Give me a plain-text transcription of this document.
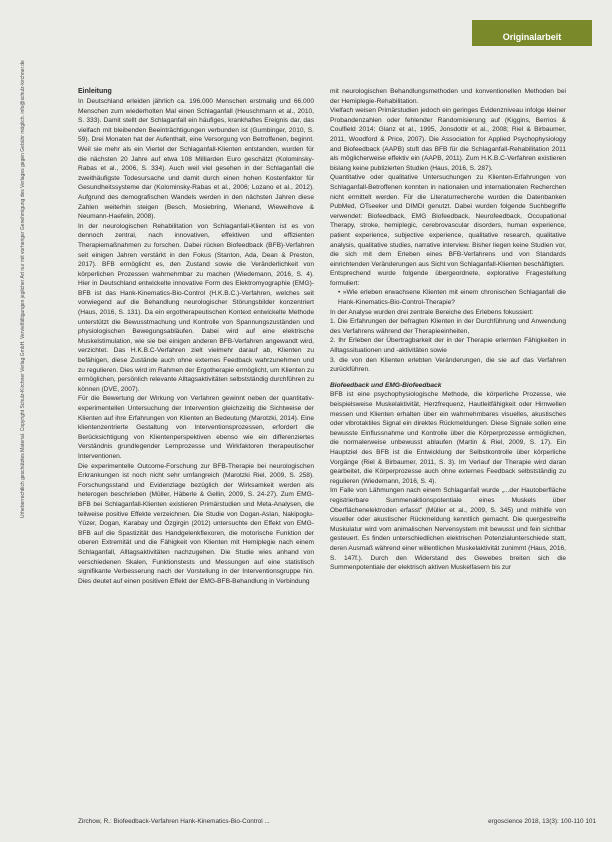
Urheberrechtlich geschütztes Material. Copyright Schulz-Kirchner Verlag GmbH. Vervielfältigungen jeglicher Art nur mit vorheriger Genehmigung des Verlages gegen Gebühr möglich. info@schulz-kirchner.de
Originalarbeit
Einleitung

In Deutschland erleiden jährlich ca. 196.000 Menschen erstmalig und 66.000 Menschen zum wiederholten Mal einen Schlaganfall (Heuschmann et al., 2010, S. 333). Damit stellt der Schlaganfall ein häufiges, krankhaftes Ereignis dar, das vielfach mit bleibenden Beeinträchtigungen verbunden ist (Gumbinger, 2010, S. 59). Drei Monaten hat der Aufenthalt, eine Versorgung von Betroffenen, beginnt. Weil sie mehr als ein Viertel der Schlaganfall-Klienten entstanden, wurden für die nächsten 20 Jahre auf etwa 108 Milliarden Euro geschätzt (Kolominsky-Rabas et al., 2006, S. 334). Auch weil viel gesehen in der Schlaganfall die zweithäufigste Todesursache und damit durch einen hohen Kostenfaktor für Gesundheitssysteme dar (Kolominsky-Rabas et al., 2006; Lozano et al., 2012). Aufgrund des demografischen Wandels werden in den nächsten Jahren diese Zahlen weiterhin steigen (Besch, Mosiebring, Wienand, Wiewelhove & Neumann-Haefelin, 2008).

In der neurologischen Rehabilitation von Schlaganfall-Klienten ist es von dennoch zentral, nach innovativen, effektiven und effizienten Therapiemaßnahmen zu forschen. Dabei rücken Biofeedback (BFB)-Verfahren seit einigen Jahren verstärkt in den Fokus (Stanton, Ada, Dean & Preston, 2017). BFB ermöglicht es, den Zustand sowie die Veränderlichkeit von körperlichen Prozessen wahrnehmbar zu machen (Wiedemann, 2016, S. 4). Hier in Deutschland entwickelte innovative Form des Elektromyographie (EMG)-BFB ist das Hank-Kinematics-Bio-Control (H.K.B.C.)-Verfahren, welches seit vorwiegend auf die Behandlung neurologischer Störungsbilder konzentriert (Haus, 2016, S. 131). Da ein ergotherapeutischen Kontext entwickelte Methode unterstützt die Bewusstmachung und Kontrolle von Spannungszuständen und physiologischen Bewegungsabläufen. Dabei wird auf eine elektrische Muskelstimulation, wie sie bei einigen anderen BFB-Verfahren angewandt wird, verzichtet. Das H.K.B.C-Verfahren zielt vielmehr darauf ab, Klienten zu befähigen, diese Zustände auch ohne externes Feedback wahrzunehmen und zu regulieren. Dies wird im Rahmen der Ergotherapie ermöglicht, um Klienten zu ermöglichen, persönlich relevante Alltagsaktivitäten selbstständig durchführen zu können (DVE, 2007).

Für die Bewertung der Wirkung von Verfahren gewinnt neben der quantitativ-experimentellen Untersuchung der Intervention gleichzeitig die Sichtweise der Klienten auf ihre Erfahrungen von Klienten an Bedeutung (Marotzki, 2014). Eine klientenzentrierte Gestaltung von Interventionsprozessen, erfordert die Berücksichtigung von Klientenperspektiven ebenso wie ein differenziertes Verständnis grundlegender Lernprozesse und Wirkfaktoren therapeutischer Interventionen.

Die experimentelle Outcome-Forschung zur BFB-Therapie bei neurologischen Erkrankungen ist noch nicht sehr umfangreich (Marotzki Riel, 2009, S. 258). Forschungsstand und Evidenzlage bezüglich der Wirksamkeit werden als heterogen beschrieben (Müller, Häberle & Gellin, 2009, S. 24-27). Zum EMG-BFB bei Schlaganfall-Klienten existieren Primärstudien und Meta-Analysen, die teilweise positive Effekte verzeichnen. Die Studie von Dogan-Aslan, Nakipoglu-Yüzer, Dogan, Karabay und Özgirgin (2012) untersuchte den Effekt von EMG-BFB auf die Spastizität des Handgelenkflexoren, die motorische Funktion der oberen Extremität und die Fähigkeit von Klienten mit Hemiplegie nach einem Schlaganfall, Alltagsaktivitäten nachzugehen. Die Studie wies anhand von verschiedenen Skalen, Funktionstests und Messungen auf eine statistisch signifikante Verbesserung nach der Vorstellung in der Interventionsgruppe hin. Dies deutet auf einen positiven Effekt der EMG-BFB-Behandlung in Verbindung

mit neurologischen Behandlungsmethoden und konventionellen Methoden bei der Hemiplegie-Rehabilitation.

Vielfach weisen Primärstudien jedoch ein geringes Evidenzniveau infolge kleiner Probandenzahlen oder fehlender Randomisierung auf (Kiggins, Berrios & Coulfield 2014; Glanz et al., 1995, Jonsdottir et al., 2008; Riel & Birbaumer, 2011, Woodford & Price, 2007). Die Association for Applied Psychophysiology and Biofeedback (AAPB) stuft das BFB für die Schlaganfall-Rehabilitation 2011 als möglicherweise effektiv ein (AAPB, 2011). Zum H.K.B.C-Verfahren existieren bislang keine publizierten Studien (Haus, 2016, S. 287).

Quantitative oder qualitative Untersuchungen zu Klienten-Erfahrungen von Schlaganfall-Betroffenen konnten in nationalen und internationalen Recherchen nicht ermittelt werden. Für die Literaturrecherche wurden die Datenbanken PubMed, OTseeker und DIMDI genutzt. Dabei wurden folgende Suchbegriffe verwendet: Biofeedback, EMG Biofeedback, Neurofeedback, Occupational Therapy, stroke, hemiplegic, cerebrovascular disorders, human experience, patient experience, subjective experience, qualitative research, qualitative analysis, qualitative studies, narrative interview. Bisher liegen keine Studien vor, die sich mit dem Erleben eines BFB-Verfahrens und von Standards einrichtenden Veränderungen aus Sicht von Schlaganfall-Klienten beschäftigten.

Entsprechend wurde folgende übergeordnete, explorative Fragestellung formuliert:

• »Wie erleben erwachsene Klienten mit einem chronischen Schlaganfall die Hank-Kinematics-Bio-Control-Therapie?

In der Analyse wurden drei zentrale Bereiche des Erlebens fokussiert:

1. Die Erfahrungen der befragten Klienten in der Durchführung und Anwendung des Verfahrens während der Therapieeinheiten,

2. Ihr Erleben der Übertragbarkeit der in der Therapie erlernten Fähigkeiten in Alltagssituationen und -aktivitäten sowie

3. die von den Klienten erlebten Veränderungen, die sie auf das Verfahren zurückführen.

Biofeedback und EMG-Biofeedback

BFB ist eine psychophysiologische Methode, die körperliche Prozesse, wie beispielsweise Muskelaktivität, Herzfrequenz, Hautleitfähigkeit oder Hirnwellen messen und Klienten erhalten über ein wahrnehmbares visuelles, akustisches oder vibrotaktiles Signal ein direktes Rückmeldungen. Diese Signale sollen eine bewusste Einflussnahme und Kontrolle über die Körperprozesse ermöglichen, die normalerweise unbewusst ablaufen (Martin & Riel, 2009, S. 17). Ein Hauptziel des BFB ist die Entwicklung der Selbstkontrolle über körperliche Vorgänge (Riel & Birbaumer, 2011, S. 3). Im Verlauf der Therapie wird daran gearbeitet, die Körperprozesse auch ohne externes Feedback selbstständig zu regulieren (Wiedemann, 2016, S. 4).

Im Falle von Lähmungen nach einem Schlaganfall wurde „...der Hautoberfläche registrierbare Summenaktionspotentiale eines Muskels über Oberflächenelektroden erfasst" (Müller et al., 2009, S. 345) und mithilfe von visueller oder akustischer Rückmeldung kenntlich gemacht. Die quergestreifte Muskulatur wird vom animalischen Nervensystem mit bewusst und fein sichtbar gesteuert. Es finden unterschiedlichen elektrischen Potenzialunterschiede statt, deren Ausmaß während einer willentlichen Muskelaktivität zunimmt (Haus, 2016, S. 147f.). Durch den Widerstand des Gewebes breiten sich die Summenpotentiale der elektrisch aktiven Muskelfasern bis zur

Zirchow, R.: Biofeedback-Verfahren Hank-Kinematics-Bio-Control ...	ergoscience 2018, 13(3): 100-110 101
